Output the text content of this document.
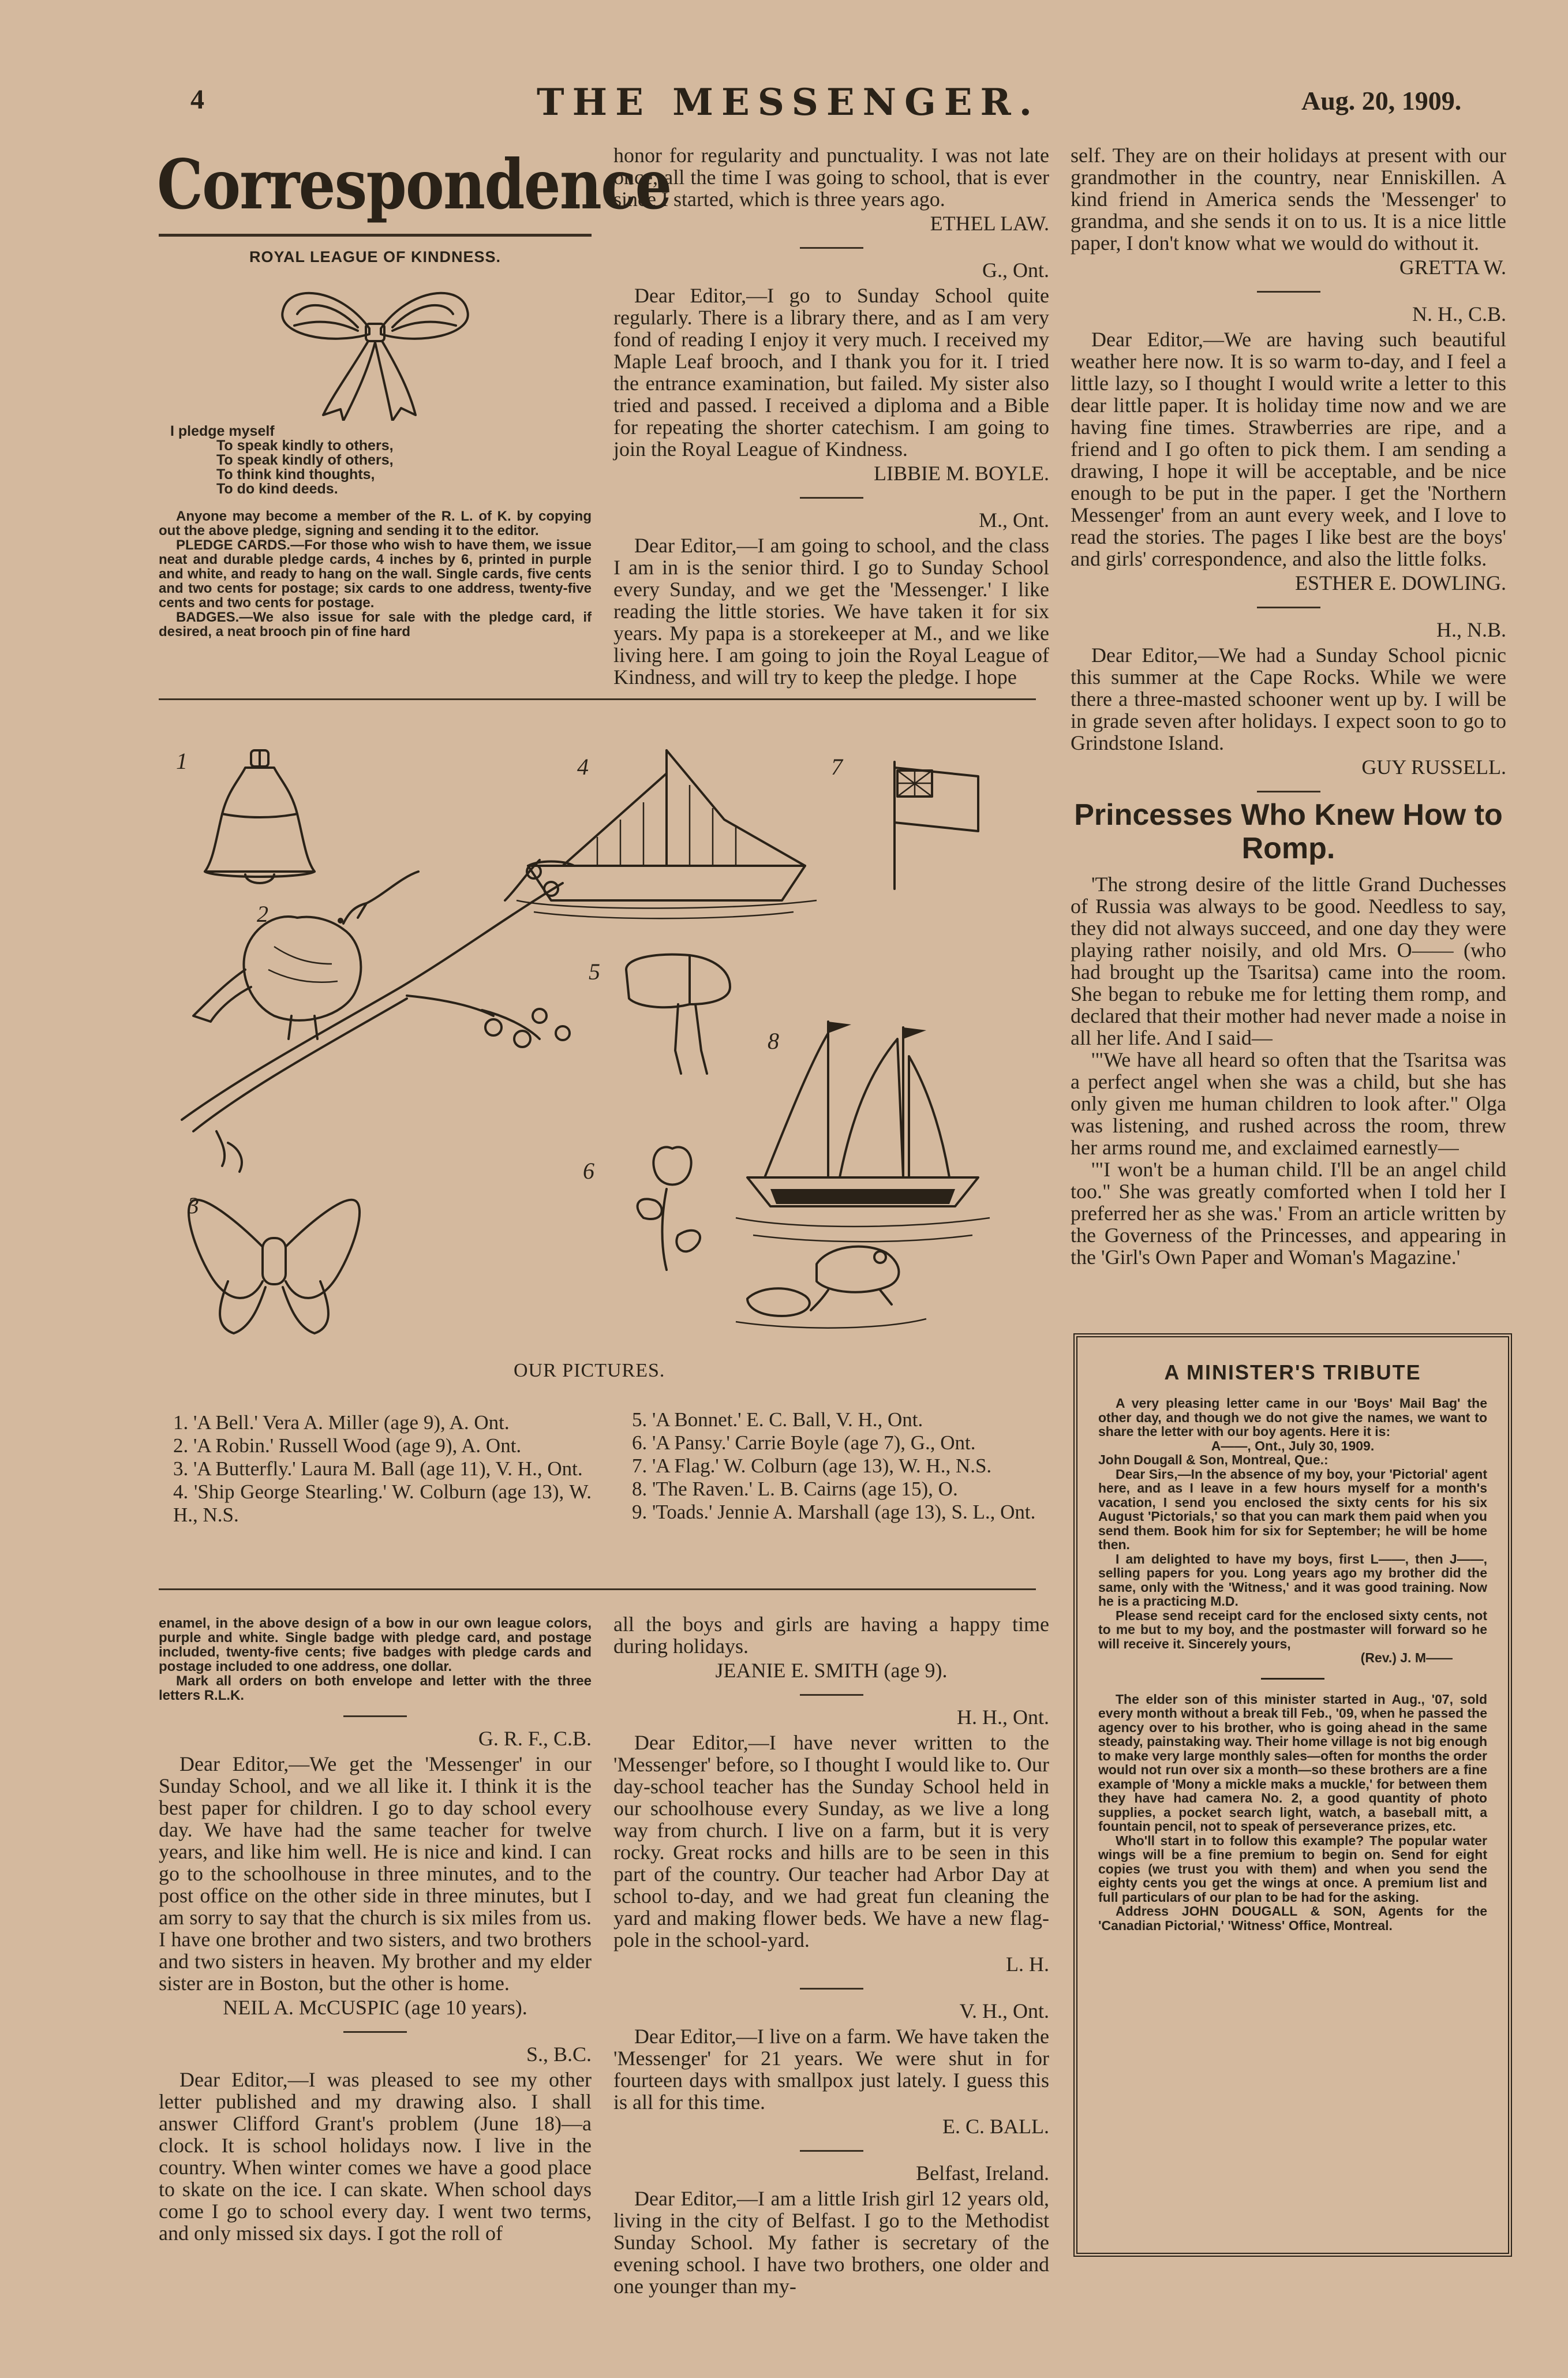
4	THE MESSENGER.	Aug. 20, 1909.
Correspondence
ROYAL LEAGUE OF KINDNESS.
I pledge myself
To speak kindly to others,
To speak kindly of others,
To think kind thoughts,
To do kind deeds.

Anyone may become a member of the R. L. of K. by copying out the above pledge, signing and sending it to the editor.

PLEDGE CARDS.—For those who wish to have them, we issue neat and durable pledge cards, 4 inches by 6, printed in purple and white, and ready to hang on the wall. Single cards, five cents and two cents for postage; six cards to one address, twenty-five cents and two cents for postage.

BADGES.—We also issue for sale with the pledge card, if desired, a neat brooch pin of fine hard

honor for regularity and punctuality. I was not late once, all the time I was going to school, that is ever since I started, which is three years ago.

ETHEL LAW.

G., Ont.

Dear Editor,—I go to Sunday School quite regularly. There is a library there, and as I am very fond of reading I enjoy it very much. I received my Maple Leaf brooch, and I thank you for it. I tried the entrance examination, but failed. My sister also tried and passed. I received a diploma and a Bible for repeating the shorter catechism. I am going to join the Royal League of Kindness.

LIBBIE M. BOYLE.

M., Ont.

Dear Editor,—I am going to school, and the class I am in is the senior third. I go to Sunday School every Sunday, and we get the 'Messenger.' I like reading the little stories. We have taken it for six years. My papa is a storekeeper at M., and we like living here. I am going to join the Royal League of Kindness, and will try to keep the pledge. I hope

self. They are on their holidays at present with our grandmother in the country, near Enniskillen. A kind friend in America sends the 'Messenger' to grandma, and she sends it on to us. It is a nice little paper, I don't know what we would do without it.

GRETTA W.

N. H., C.B.

Dear Editor,—We are having such beautiful weather here now. It is so warm to-day, and I feel a little lazy, so I thought I would write a letter to this dear little paper. It is holiday time now and we are having fine times. Strawberries are ripe, and a friend and I go often to pick them. I am sending a drawing, I hope it will be acceptable, and be nice enough to be put in the paper. I get the 'Northern Messenger' from an aunt every week, and I love to read the stories. The pages I like best are the boys' and girls' correspondence, and also the little folks.

ESTHER E. DOWLING.

H., N.B.

Dear Editor,—We had a Sunday School picnic this summer at the Cape Rocks. While we were there a three-masted schooner went up by. I will be in grade seven after holidays. I expect soon to go to Grindstone Island.

GUY RUSSELL.

Princesses Who Knew How to Romp.

'The strong desire of the little Grand Duchesses of Russia was always to be good. Needless to say, they did not always succeed, and one day they were playing rather noisily, and old Mrs. O—— (who had brought up the Tsaritsa) came into the room. She began to rebuke me for letting them romp, and declared that their mother had never made a noise in all her life. And I said—

'"We have all heard so often that the Tsaritsa was a perfect angel when she was a child, but she has only given me human children to look after." Olga was listening, and rushed across the room, threw her arms round me, and exclaimed earnestly—

'"I won't be a human child. I'll be an angel child too." She was greatly comforted when I told her I preferred her as she was.' From an article written by the Governess of the Princesses, and appearing in the 'Girl's Own Paper and Woman's Magazine.'

1
2
3
4
5
6
7
8
OUR PICTURES.
1. 'A Bell.' Vera A. Miller (age 9), A. Ont.
2. 'A Robin.' Russell Wood (age 9), A. Ont.
3. 'A Butterfly.' Laura M. Ball (age 11), V. H., Ont.
4. 'Ship George Stearling.' W. Colburn (age 13), W. H., N.S.
5. 'A Bonnet.' E. C. Ball, V. H., Ont.
6. 'A Pansy.' Carrie Boyle (age 7), G., Ont.
7. 'A Flag.' W. Colburn (age 13), W. H., N.S.
8. 'The Raven.' L. B. Cairns (age 15), O.
9. 'Toads.' Jennie A. Marshall (age 13), S. L., Ont.

enamel, in the above design of a bow in our own league colors, purple and white. Single badge with pledge card, and postage included, twenty-five cents; five badges with pledge cards and postage included to one address, one dollar.

Mark all orders on both envelope and letter with the three letters R.L.K.

G. R. F., C.B.

Dear Editor,—We get the 'Messenger' in our Sunday School, and we all like it. I think it is the best paper for children. I go to day school every day. We have had the same teacher for twelve years, and like him well. He is nice and kind. I can go to the schoolhouse in three minutes, and to the post office on the other side in three minutes, but I am sorry to say that the church is six miles from us. I have one brother and two sisters, and two brothers and two sisters in heaven. My brother and my elder sister are in Boston, but the other is home.

NEIL A. McCUSPIC (age 10 years).

S., B.C.

Dear Editor,—I was pleased to see my other letter published and my drawing also. I shall answer Clifford Grant's problem (June 18)—a clock. It is school holidays now. I live in the country. When winter comes we have a good place to skate on the ice. I can skate. When school days come I go to school every day. I went two terms, and only missed six days. I got the roll of

all the boys and girls are having a happy time during holidays.

JEANIE E. SMITH (age 9).

H. H., Ont.

Dear Editor,—I have never written to the 'Messenger' before, so I thought I would like to. Our day-school teacher has the Sunday School held in our schoolhouse every Sunday, as we live a long way from church. I live on a farm, but it is very rocky. Great rocks and hills are to be seen in this part of the country. Our teacher had Arbor Day at school to-day, and we had great fun cleaning the yard and making flower beds. We have a new flag-pole in the school-yard.

L. H.

V. H., Ont.

Dear Editor,—I live on a farm. We have taken the 'Messenger' for 21 years. We were shut in for fourteen days with smallpox just lately. I guess this is all for this time.

E. C. BALL.

Belfast, Ireland.

Dear Editor,—I am a little Irish girl 12 years old, living in the city of Belfast. I go to the Methodist Sunday School. My father is secretary of the evening school. I have two brothers, one older and one younger than my-

A MINISTER'S TRIBUTE

A very pleasing letter came in our 'Boys' Mail Bag' the other day, and though we do not give the names, we want to share the letter with our boy agents. Here it is:

A——, Ont., July 30, 1909.

John Dougall & Son, Montreal, Que.:

Dear Sirs,—In the absence of my boy, your 'Pictorial' agent here, and as I leave in a few hours myself for a month's vacation, I send you enclosed the sixty cents for his six August 'Pictorials,' so that you can mark them paid when you send them. Book him for six for September; he will be home then.

I am delighted to have my boys, first L——, then J——, selling papers for you. Long years ago my brother did the same, only with the 'Witness,' and it was good training. Now he is a practicing M.D.

Please send receipt card for the enclosed sixty cents, not to me but to my boy, and the postmaster will forward so he will receive it. Sincerely yours,

(Rev.) J. M——

The elder son of this minister started in Aug., '07, sold every month without a break till Feb., '09, when he passed the agency over to his brother, who is going ahead in the same steady, painstaking way. Their home village is not big enough to make very large monthly sales—often for months the order would not run over six a month—so these brothers are a fine example of 'Mony a mickle maks a muckle,' for between them they have had camera No. 2, a good quantity of photo supplies, a pocket search light, watch, a baseball mitt, a fountain pencil, not to speak of perseverance prizes, etc.

Who'll start in to follow this example? The popular water wings will be a fine premium to begin on. Send for eight copies (we trust you with them) and when you send the eighty cents you get the wings at once. A premium list and full particulars of our plan to be had for the asking.

Address JOHN DOUGALL & SON, Agents for the 'Canadian Pictorial,' 'Witness' Office, Montreal.
